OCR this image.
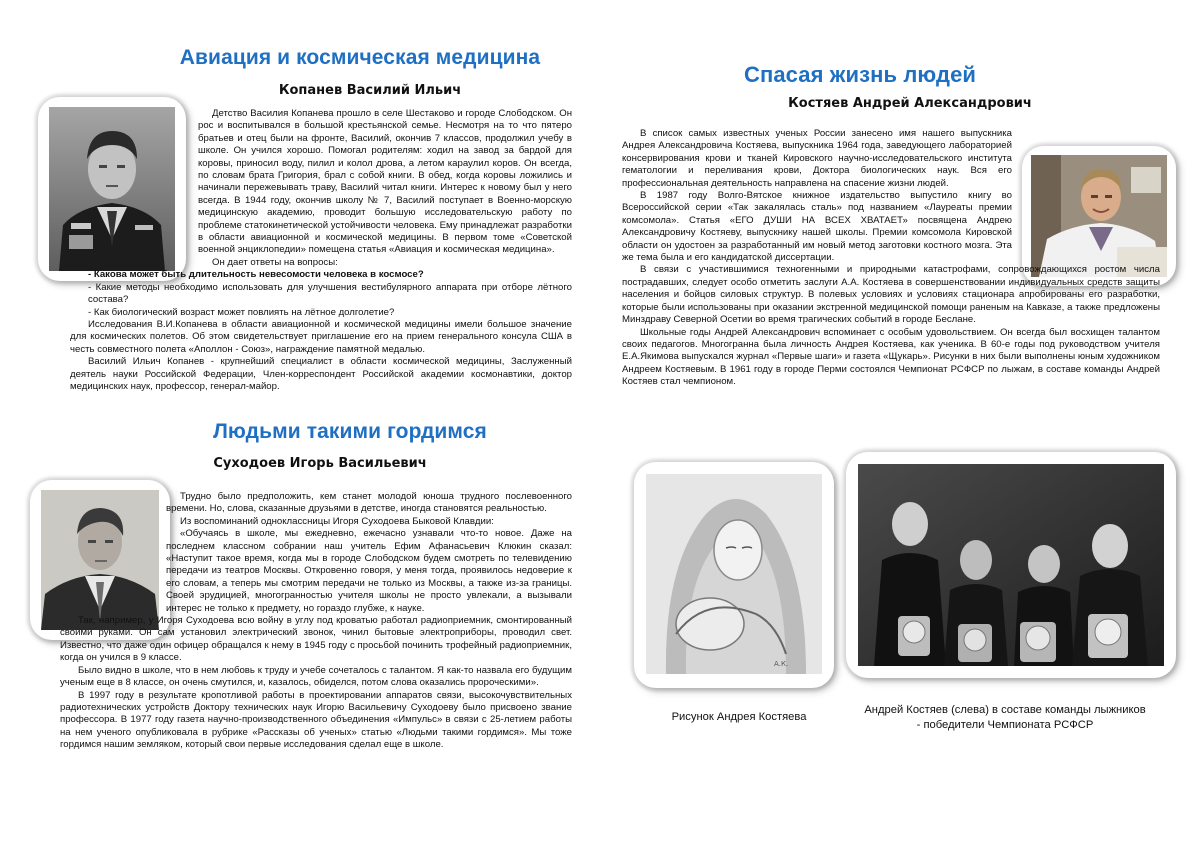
Авиация и космическая медицина
Копанев Василий Ильич

Детство Василия Копанева прошло в селе Шестаково и городе Слободском. Он рос и воспитывался в большой крестьянской семье. Несмотря на то что пятеро братьев и отец были на фронте, Василий, окончив 7 классов, продолжил учебу в школе. Он учился хорошо. Помогал родителям: ходил на завод за бардой для коровы, приносил воду, пилил и колол дрова, а летом караулил коров. Он всегда, по словам брата Григория, брал с собой книги. В обед, когда коровы ложились и начинали пережевывать траву, Василий читал книги. Интерес к новому был у него всегда. В 1944 году, окончив школу № 7, Василий поступает в Военно-морскую медицинскую академию, проводит большую исследовательскую работу по проблеме статокинетической устойчивости человека. Ему принадлежат разработки в области авиационной и космической медицины. В первом томе «Советской военной энциклопедии» помещена статья «Авиация и космическая медицина».

Он дает ответы на вопросы:

- Какова может быть длительность невесомости человека в космосе?

- Какие методы необходимо использовать для улучшения вестибулярного аппарата при отборе лётного состава?

- Как биологический возраст может повлиять на лётное долголетие?

Исследования В.И.Копанева в области авиационной и космической медицины имели большое значение для космических полетов. Об этом свидетельствует приглашение его на прием генерального консула США в честь совместного полета «Аполлон - Союз», награждение памятной медалью.

Василий Ильич Копанев - крупнейший специалист в области космической медицины, Заслуженный деятель науки Российской Федерации, Член-корреспондент Российской академии космонавтики, доктор медицинских наук, профессор, генерал-майор.

Людьми такими гордимся
Суходоев Игорь Васильевич

Трудно было предположить, кем станет молодой юноша трудного послевоенного времени. Но, слова, сказанные друзьями в детстве, иногда становятся реальностью.

Из воспоминаний одноклассницы Игоря Суходоева Быковой Клавдии:

«Обучаясь в школе, мы ежедневно, ежечасно узнавали что-то новое. Даже на последнем классном собрании наш учитель Ефим Афанасьевич Клюкин сказал: «Наступит такое время, когда мы в городе Слободском будем смотреть по телевидению передачи из театров Москвы. Откровенно говоря, у меня тогда, проявилось недоверие к его словам, а теперь мы смотрим передачи не только из Москвы, а также из-за границы. Своей эрудицией, многогранностью учителя школы не просто увлекали, а вызывали интерес не только к предмету, но гораздо глубже, к науке.

Так, например, у Игоря Суходоева всю войну в углу под кроватью работал радиоприемник, смонтированный своими руками. Он сам установил электрический звонок, чинил бытовые электроприборы, проводил свет. Известно, что даже один офицер обращался к нему в 1945 году с просьбой починить трофейный радиоприемник, когда он учился в 9 классе.

Было видно в школе, что в нем любовь к труду и учебе сочеталось с талантом. Я как-то назвала его будущим ученым еще в 8 классе, он очень смутился, и, казалось, обиделся, потом слова оказались пророческими».

В 1997 году в результате кропотливой работы в проектировании аппаратов связи, высокочувствительных радиотехнических устройств Доктору технических наук Игорю Васильевичу Суходоеву было присвоено звание профессора. В 1977 году газета научно-производственного объединения «Импульс» в связи с 25-летием работы на нем ученого опубликовала в рубрике «Рассказы об ученых» статью «Людьми такими гордимся». Мы тоже гордимся нашим земляком, который свои первые исследования сделал еще в школе.

Спасая жизнь людей
Костяев Андрей Александрович

В список самых известных ученых России занесено имя нашего выпускника Андрея Александровича Костяева, выпускника 1964 года, заведующего лабораторией консервирования крови и тканей Кировского научно-исследовательского института гематологии и переливания крови, Доктора биологических наук. Вся его профессиональная деятельность направлена на спасение жизни людей.

В 1987 году Волго-Вятское книжное издательство выпустило книгу во Всероссийской серии «Так закалялась сталь» под названием «Лауреаты премии комсомола». Статья «ЕГО ДУШИ НА ВСЕХ ХВАТАЕТ» посвящена Андрею Александровичу Костяеву, выпускнику нашей школы. Премии комсомола Кировской области он удостоен за разработанный им новый метод заготовки костного мозга. Эта же тема была и его кандидатской диссертации.

В связи с участившимися техногенными и природными катастрофами, сопровождающихся ростом числа пострадавших, следует особо отметить заслуги А.А. Костяева в совершенствовании индивидуальных средств защиты населения и бойцов силовых структур. В полевых условиях и условиях стационара апробированы его разработки, которые были использованы при оказании экстренной медицинской помощи раненым на Кавказе, а также предложены Минздраву Северной Осетии во время трагических событий в городе Беслане.

Школьные годы Андрей Александрович вспоминает с особым удовольствием. Он всегда был восхищен талантом своих педагогов. Многогранна была личность Андрея Костяева, как ученика. В 60-е годы под руководством учителя Е.А.Якимова выпускался журнал «Первые шаги» и газета «Щукарь». Рисунки в них были выполнены юным художником Андреем Костяевым. В 1961 году в городе Перми состоялся Чемпионат РСФСР по лыжам, в составе команды Андрей Костяев стал чемпионом.

А.К.

Рисунок Андрея Костяева

Андрей Костяев (слева) в составе команды лыжников

- победители Чемпионата РСФСР
